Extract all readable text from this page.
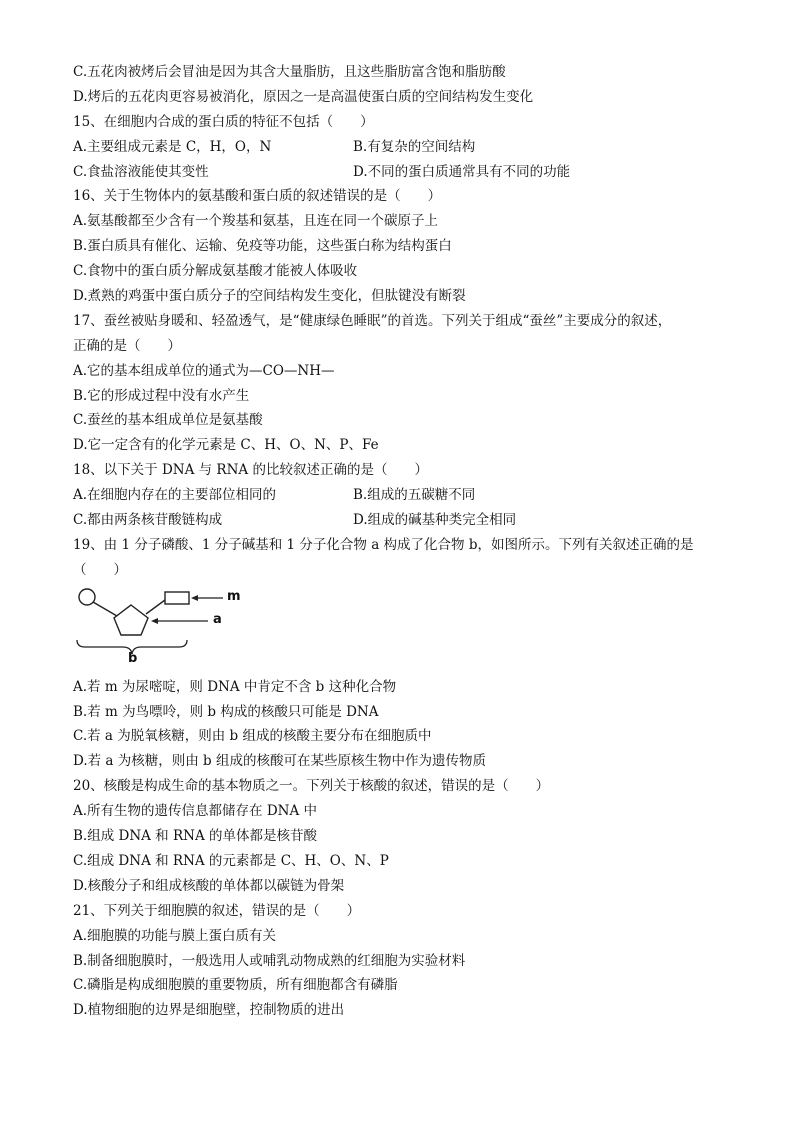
C.五花肉被烤后会冒油是因为其含大量脂肪，且这些脂肪富含饱和脂肪酸
D.烤后的五花肉更容易被消化，原因之一是高温使蛋白质的空间结构发生变化
15、在细胞内合成的蛋白质的特征不包括（　　）
A.主要组成元素是 C，H，O，N	B.有复杂的空间结构
C.食盐溶液能使其变性	D.不同的蛋白质通常具有不同的功能
16、关于生物体内的氨基酸和蛋白质的叙述错误的是（　　）
A.氨基酸都至少含有一个羧基和氨基，且连在同一个碳原子上
B.蛋白质具有催化、运输、免疫等功能，这些蛋白称为结构蛋白
C.食物中的蛋白质分解成氨基酸才能被人体吸收
D.煮熟的鸡蛋中蛋白质分子的空间结构发生变化，但肽键没有断裂
17、蚕丝被贴身暖和、轻盈透气，是“健康绿色睡眠”的首选。下列关于组成“蚕丝”主要成分的叙述，
正确的是（　　）
A.它的基本组成单位的通式为—CO—NH—
B.它的形成过程中没有水产生
C.蚕丝的基本组成单位是氨基酸
D.它一定含有的化学元素是 C、H、O、N、P、Fe
18、以下关于 DNA 与 RNA 的比较叙述正确的是（　　）
A.在细胞内存在的主要部位相同的	B.组成的五碳糖不同
C.都由两条核苷酸链构成	D.组成的碱基种类完全相同
19、由 1 分子磷酸、1 分子碱基和 1 分子化合物 a 构成了化合物 b，如图所示。下列有关叙述正确的是
（　　）
m
a
b
A.若 m 为尿嘧啶，则 DNA 中肯定不含 b 这种化合物
B.若 m 为鸟嘌呤，则 b 构成的核酸只可能是 DNA
C.若 a 为脱氧核糖，则由 b 组成的核酸主要分布在细胞质中
D.若 a 为核糖，则由 b 组成的核酸可在某些原核生物中作为遗传物质
20、核酸是构成生命的基本物质之一。下列关于核酸的叙述，错误的是（　　）
A.所有生物的遗传信息都储存在 DNA 中
B.组成 DNA 和 RNA 的单体都是核苷酸
C.组成 DNA 和 RNA 的元素都是 C、H、O、N、P
D.核酸分子和组成核酸的单体都以碳链为骨架
21、下列关于细胞膜的叙述，错误的是（　　）
A.细胞膜的功能与膜上蛋白质有关
B.制备细胞膜时，一般选用人或哺乳动物成熟的红细胞为实验材料
C.磷脂是构成细胞膜的重要物质，所有细胞都含有磷脂
D.植物细胞的边界是细胞壁，控制物质的进出
